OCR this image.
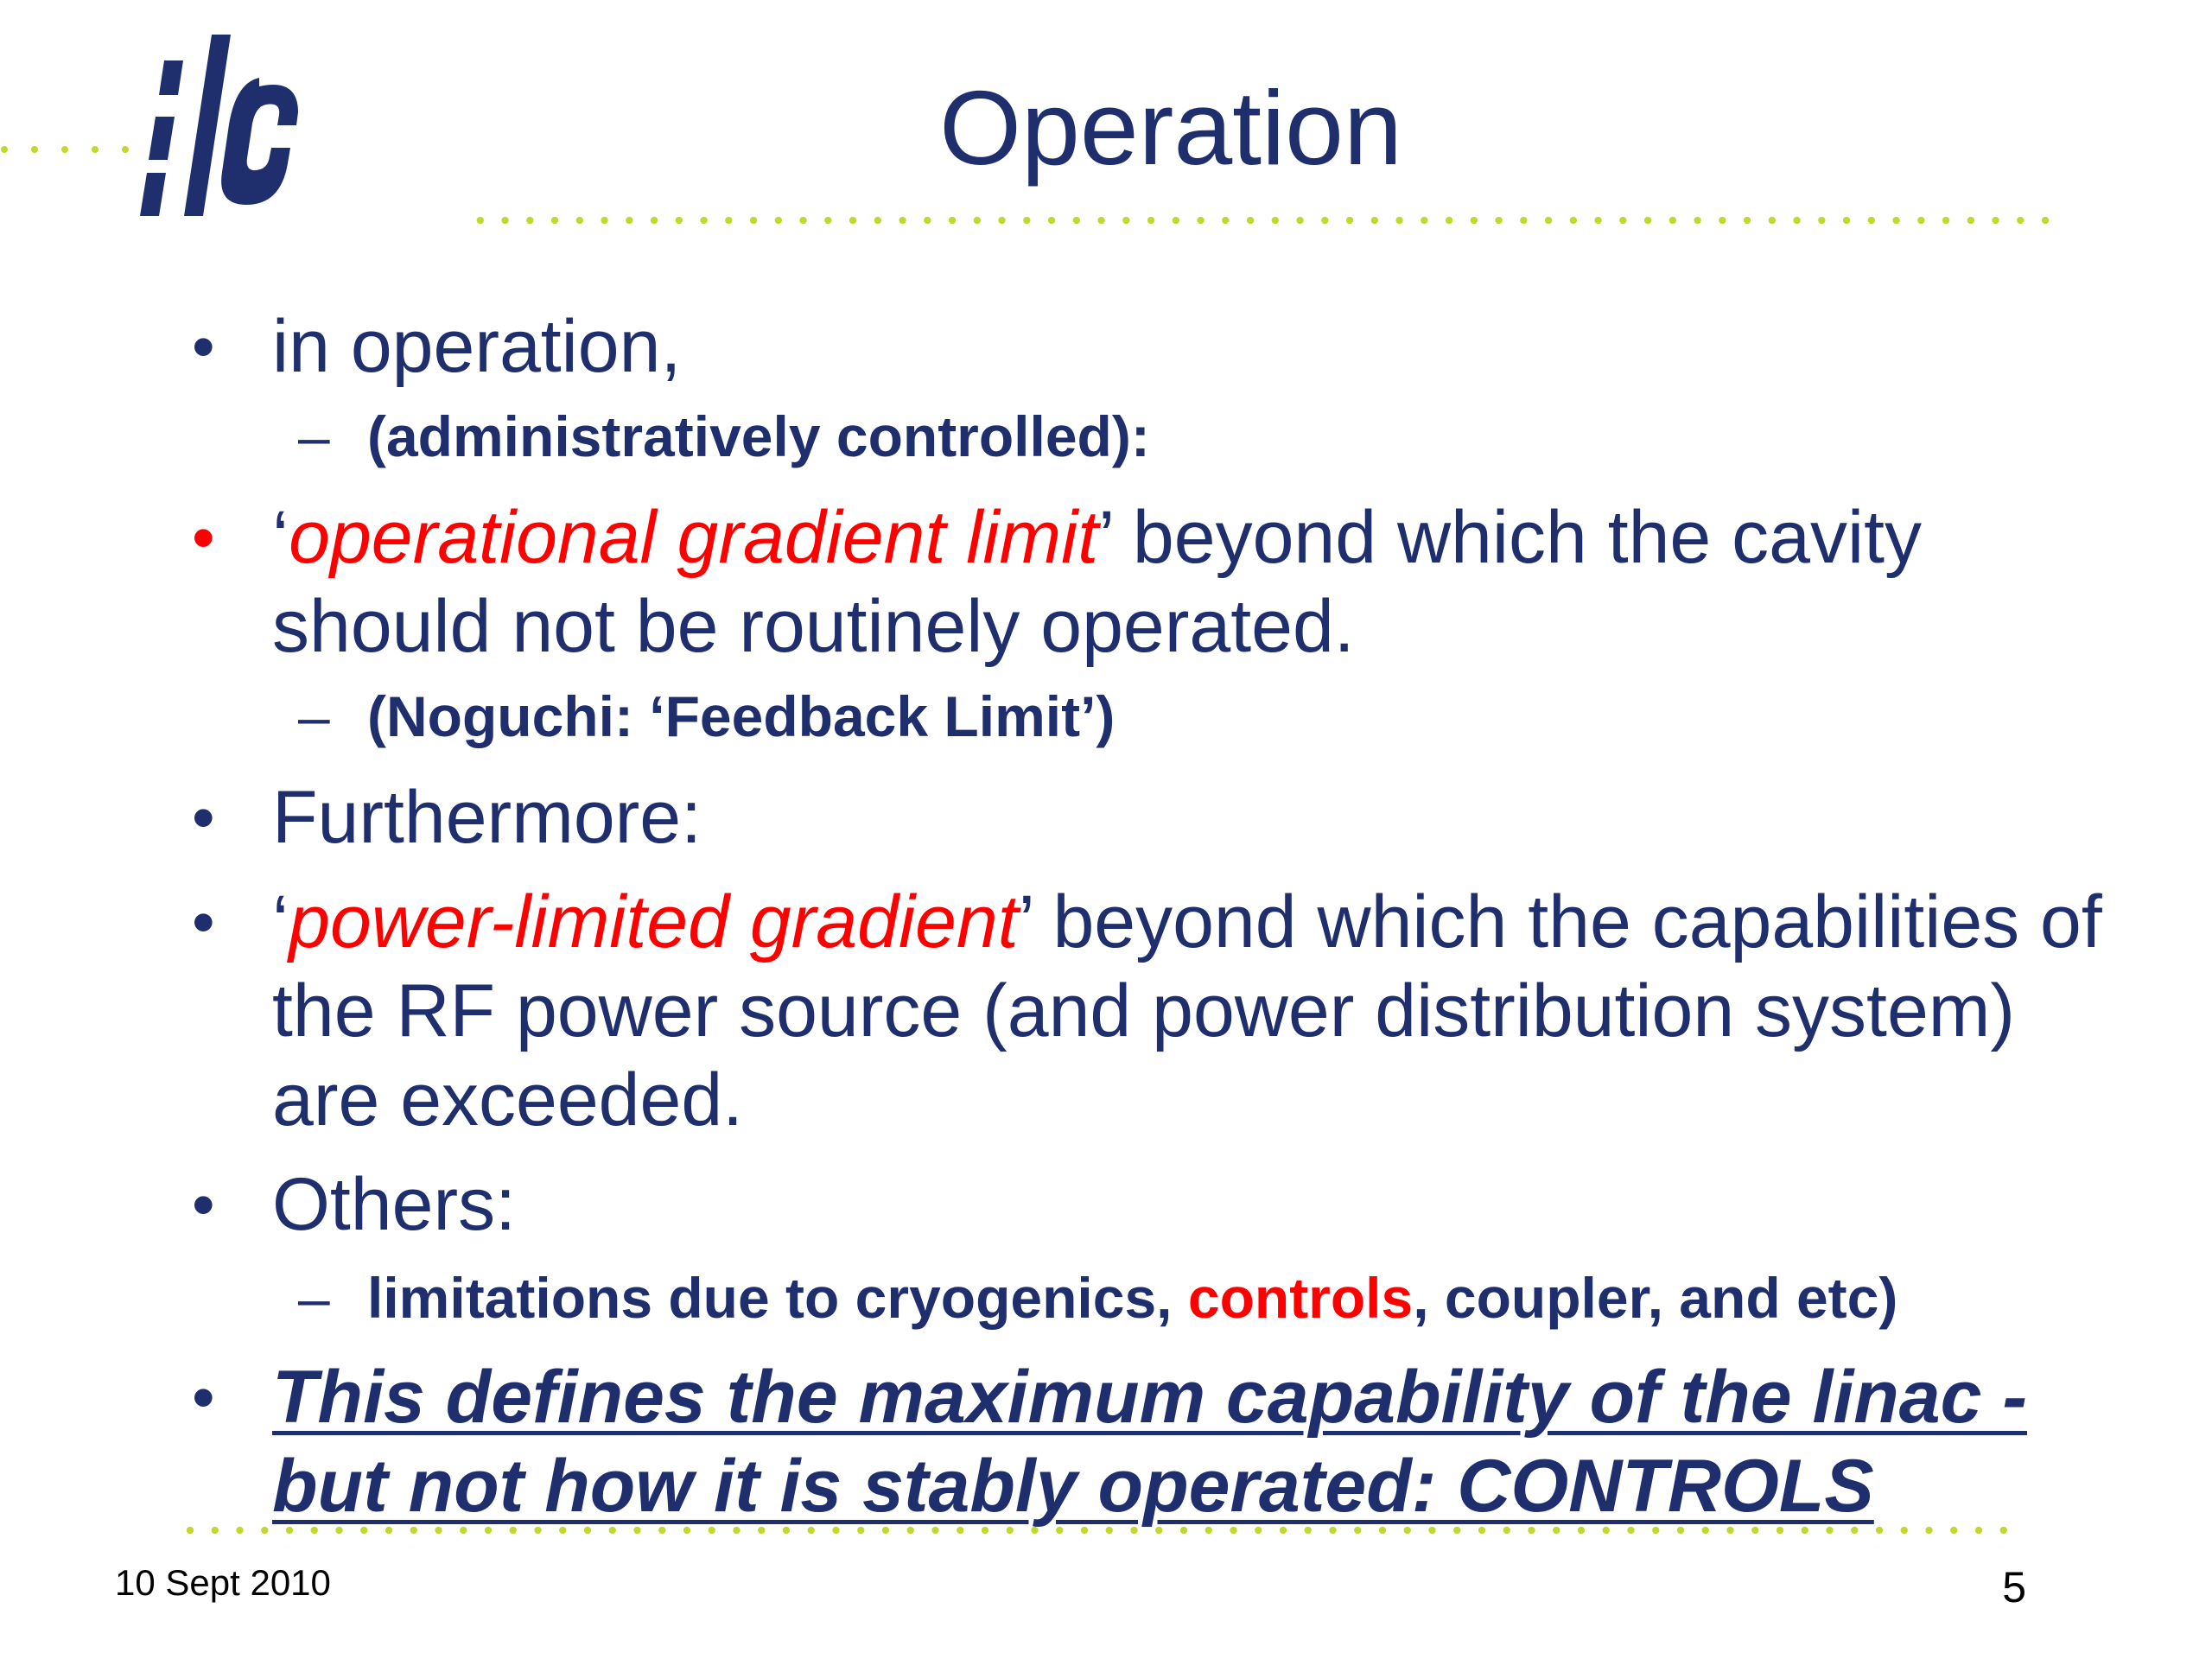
Operation
• in operation,
– (administratively controlled):
• ‘operational gradient limit’ beyond which the cavity should not be routinely operated.
– (Noguchi: ‘Feedback Limit’)
• Furthermore:
• ‘power-limited gradient’ beyond which the capabilities of the RF power source (and power distribution system) are exceeded.
• Others:
– limitations due to cryogenics, controls, coupler, and etc)
• This defines the maximum capability of the linac - but not how it is stably operated: CONTROLS
10 Sept 2010	5
